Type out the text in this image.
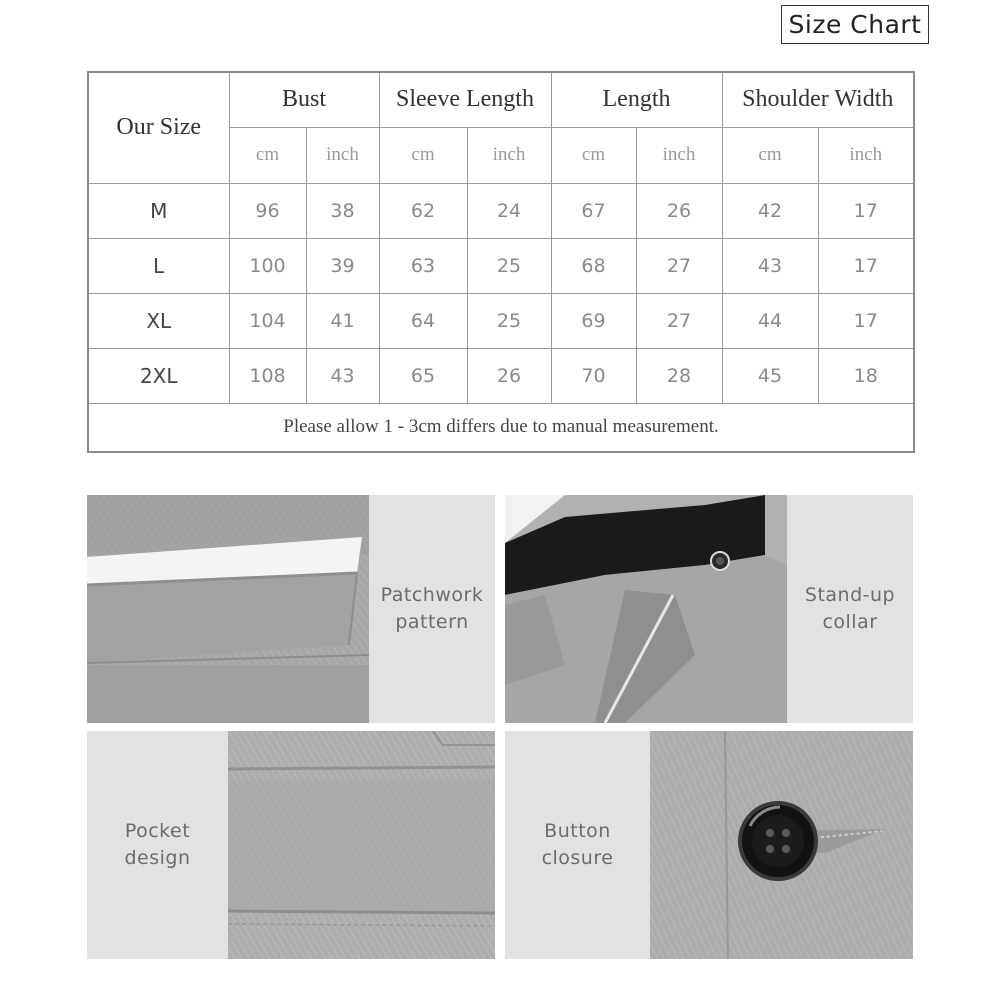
Size Chart
Our Size	Bust		Sleeve Length		Length		Shoulder Width	
	cm	inch	cm	inch	cm	inch	cm	inch
M	96	38	62	24	67	26	42	17
L	100	39	63	25	68	27	43	17
XL	104	41	64	25	69	27	44	17
2XL	108	43	65	26	70	28	45	18
Please allow 1 - 3cm differs due to manual measurement.								
Patchwork
pattern
Stand-up
collar
Pocket
design
Button
closure
